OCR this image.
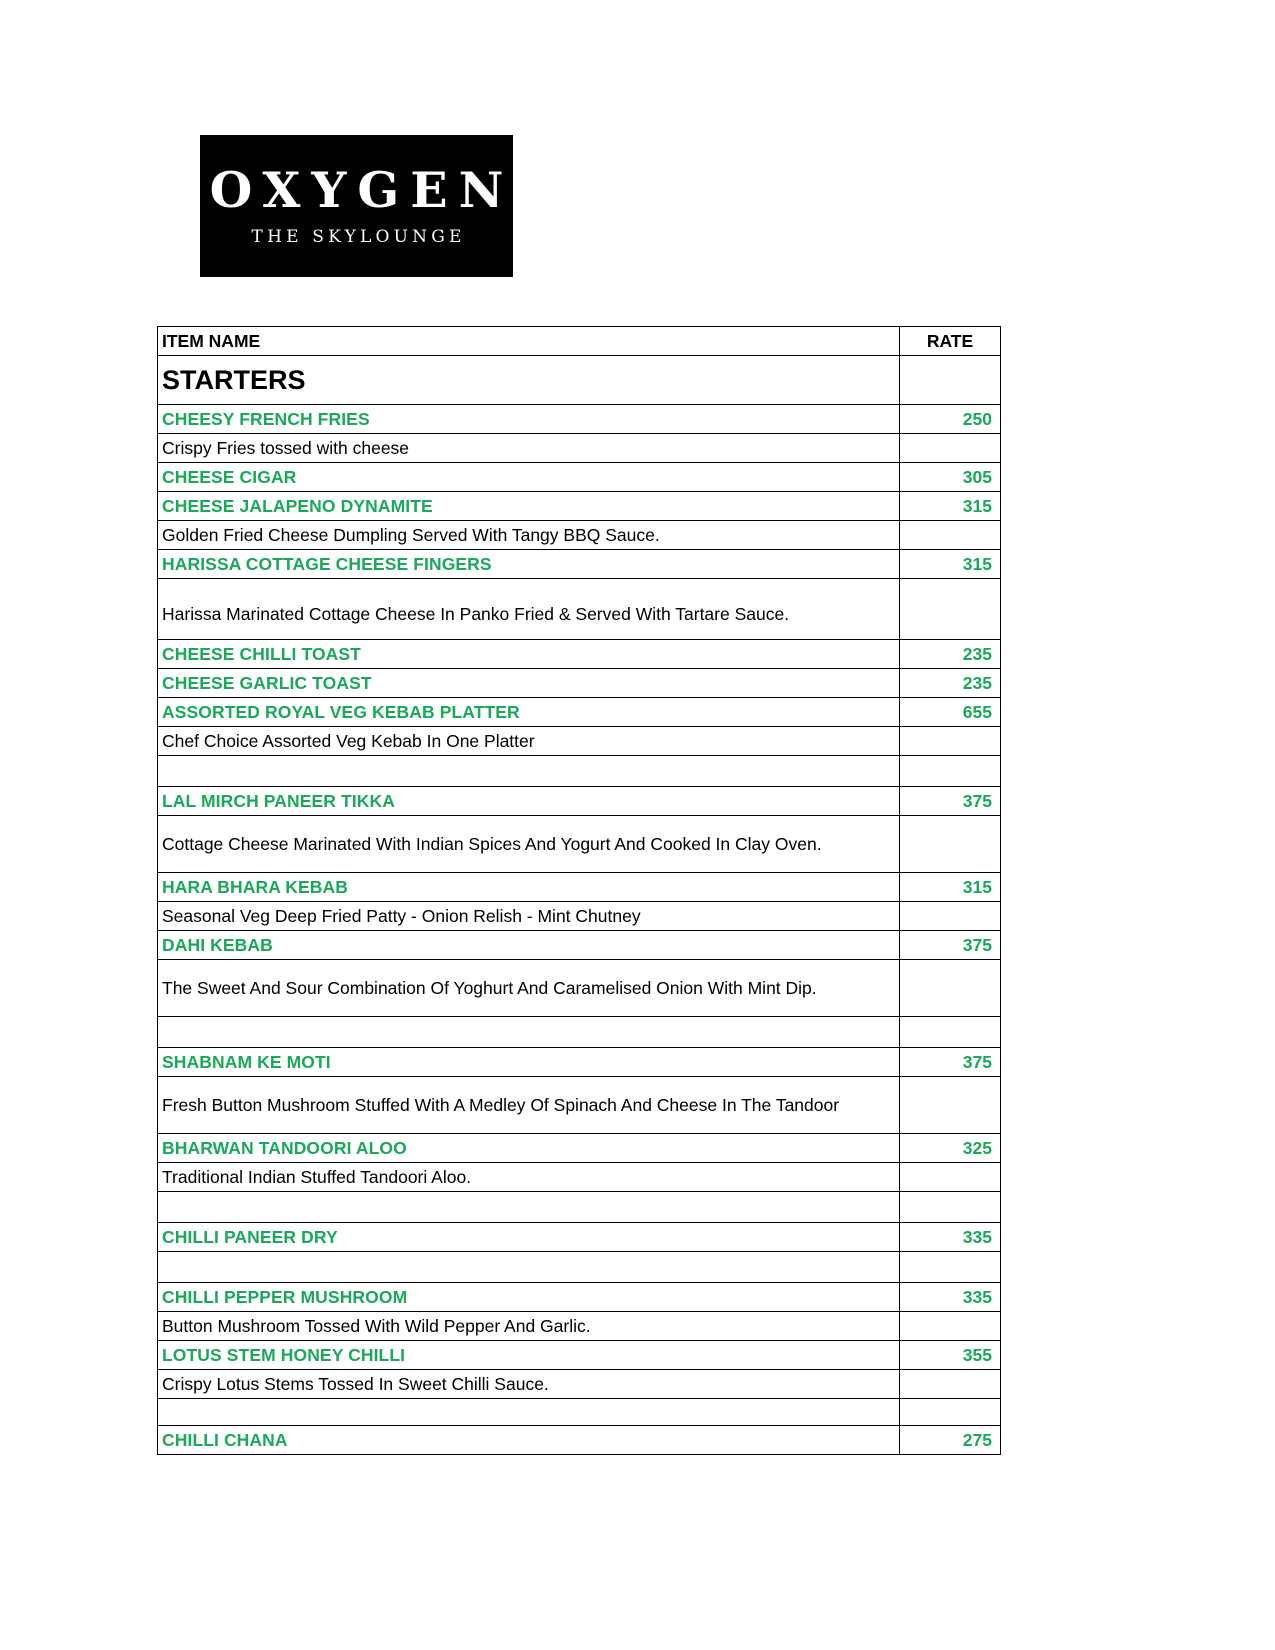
OXYGEN
THE SKYLOUNGE
ITEM NAME	RATE
STARTERS	
CHEESY FRENCH FRIES	250
Crispy Fries tossed with cheese	
CHEESE CIGAR	305
CHEESE JALAPENO DYNAMITE	315
Golden Fried Cheese Dumpling Served With Tangy BBQ Sauce.	
HARISSA COTTAGE CHEESE FINGERS	315
Harissa Marinated Cottage Cheese In Panko Fried & Served With Tartare Sauce.	
CHEESE CHILLI TOAST	235
CHEESE GARLIC TOAST	235
ASSORTED ROYAL VEG KEBAB PLATTER	655
Chef Choice Assorted Veg Kebab In One Platter	

LAL MIRCH PANEER TIKKA	375
Cottage Cheese Marinated With Indian Spices And Yogurt And Cooked In Clay Oven.	
HARA BHARA KEBAB	315
Seasonal Veg Deep Fried Patty - Onion Relish - Mint Chutney	
DAHI KEBAB	375
The Sweet And Sour Combination Of Yoghurt And Caramelised Onion With Mint Dip.	

SHABNAM KE MOTI	375
Fresh Button Mushroom Stuffed With A Medley Of Spinach And Cheese In The Tandoor	
BHARWAN TANDOORI ALOO	325
Traditional Indian Stuffed Tandoori Aloo.	

CHILLI PANEER DRY	335

CHILLI PEPPER MUSHROOM	335
Button Mushroom Tossed With Wild Pepper And Garlic.	
LOTUS STEM HONEY CHILLI	355
Crispy Lotus Stems Tossed In Sweet Chilli Sauce.	

CHILLI CHANA	275
